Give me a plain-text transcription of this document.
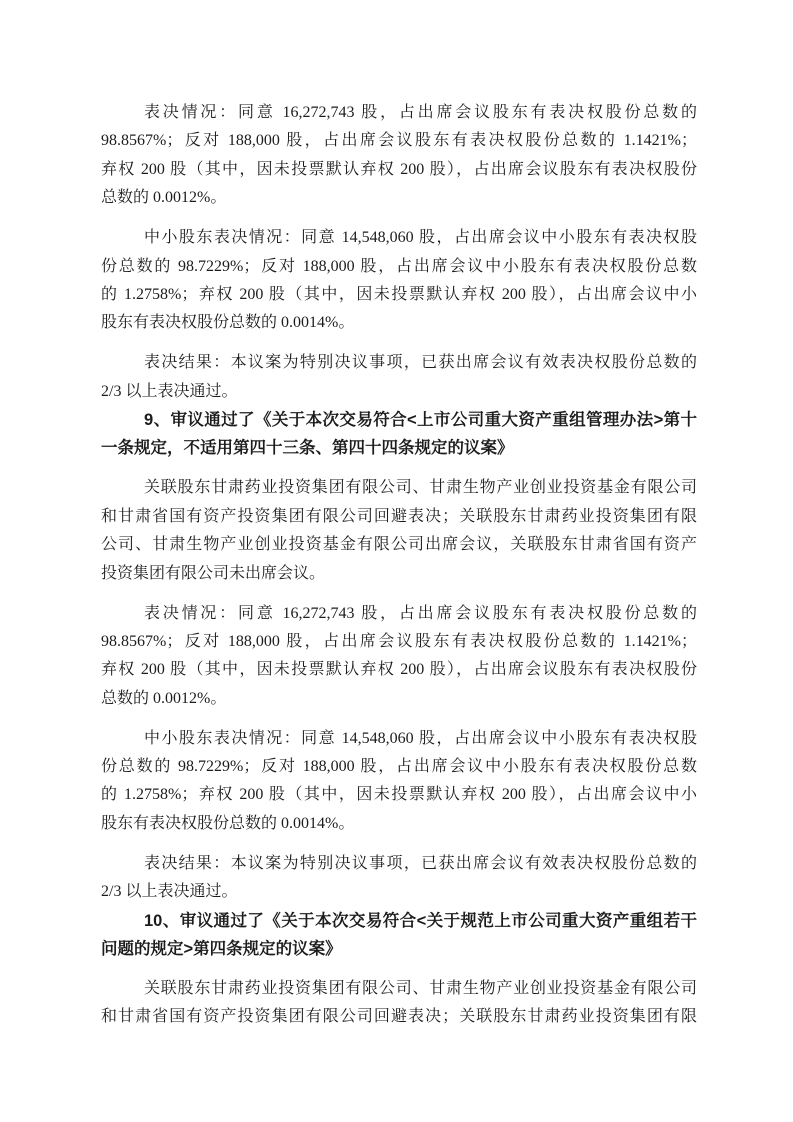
表决情况：同意 16,272,743 股，占出席会议股东有表决权股份总数的
98.8567%；反对 188,000 股，占出席会议股东有表决权股份总数的 1.1421%；
弃权 200 股（其中，因未投票默认弃权 200 股），占出席会议股东有表决权股份
总数的 0.0012%。
中小股东表决情况：同意 14,548,060 股，占出席会议中小股东有表决权股
份总数的 98.7229%；反对 188,000 股，占出席会议中小股东有表决权股份总数
的 1.2758%；弃权 200 股（其中，因未投票默认弃权 200 股），占出席会议中小
股东有表决权股份总数的 0.0014%。
表决结果：本议案为特别决议事项，已获出席会议有效表决权股份总数的
2/3 以上表决通过。
9、审议通过了《关于本次交易符合<上市公司重大资产重组管理办法>第十
一条规定，不适用第四十三条、第四十四条规定的议案》
关联股东甘肃药业投资集团有限公司、甘肃生物产业创业投资基金有限公司
和甘肃省国有资产投资集团有限公司回避表决；关联股东甘肃药业投资集团有限
公司、甘肃生物产业创业投资基金有限公司出席会议，关联股东甘肃省国有资产
投资集团有限公司未出席会议。
表决情况：同意 16,272,743 股，占出席会议股东有表决权股份总数的
98.8567%；反对 188,000 股，占出席会议股东有表决权股份总数的 1.1421%；
弃权 200 股（其中，因未投票默认弃权 200 股），占出席会议股东有表决权股份
总数的 0.0012%。
中小股东表决情况：同意 14,548,060 股，占出席会议中小股东有表决权股
份总数的 98.7229%；反对 188,000 股，占出席会议中小股东有表决权股份总数
的 1.2758%；弃权 200 股（其中，因未投票默认弃权 200 股），占出席会议中小
股东有表决权股份总数的 0.0014%。
表决结果：本议案为特别决议事项，已获出席会议有效表决权股份总数的
2/3 以上表决通过。
10、审议通过了《关于本次交易符合<关于规范上市公司重大资产重组若干
问题的规定>第四条规定的议案》
关联股东甘肃药业投资集团有限公司、甘肃生物产业创业投资基金有限公司
和甘肃省国有资产投资集团有限公司回避表决；关联股东甘肃药业投资集团有限
